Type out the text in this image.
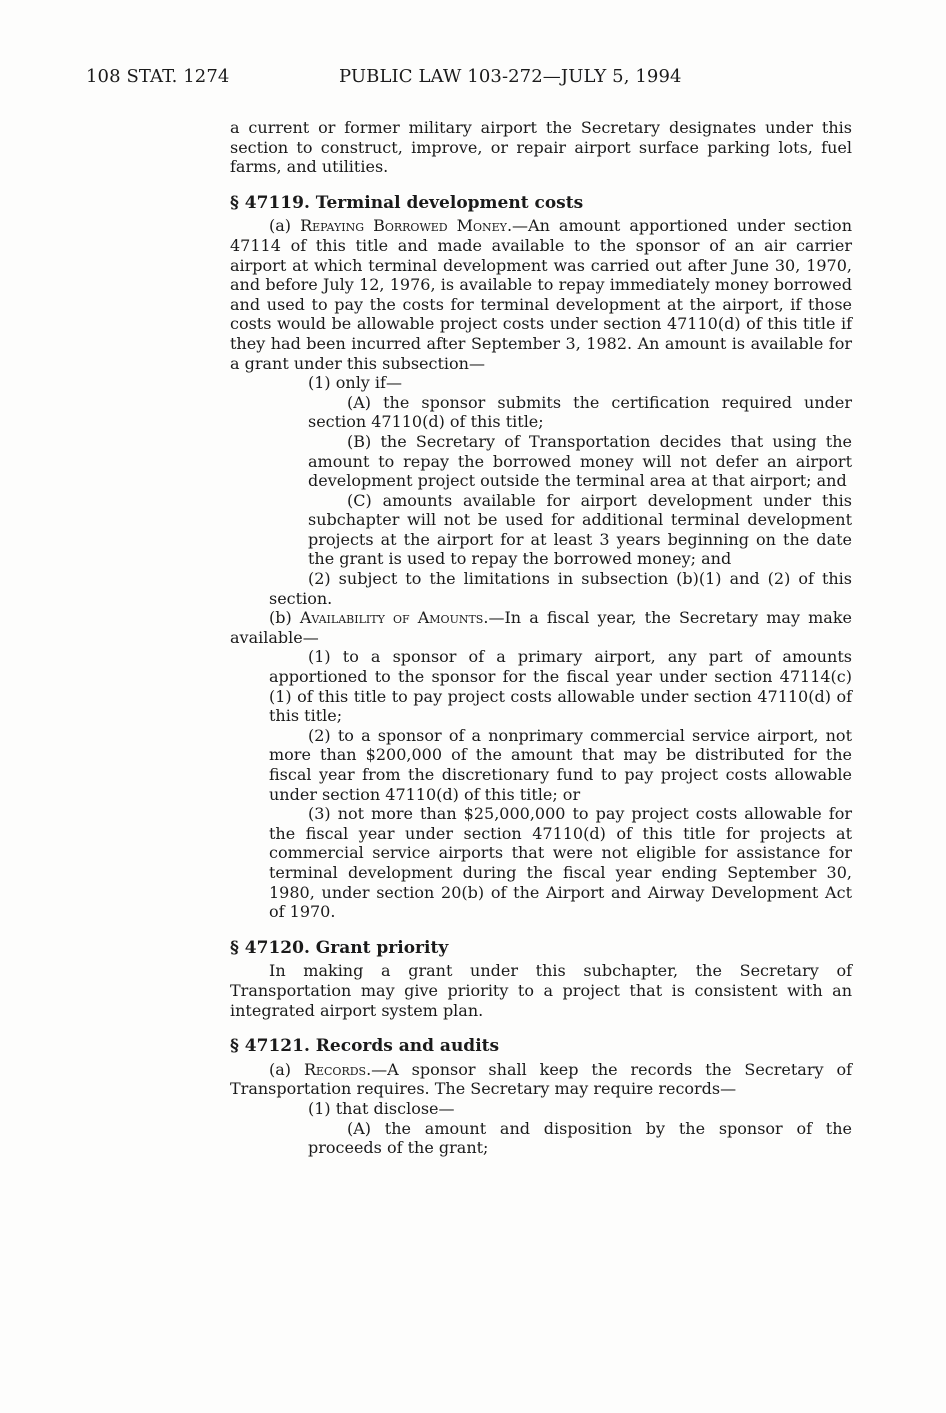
108 STAT. 1274	PUBLIC LAW 103-272—JULY 5, 1994

a current or former military airport the Secretary designates under this section to construct, improve, or repair airport surface parking lots, fuel farms, and utilities.

§ 47119. Terminal development costs

(a) Repaying Borrowed Money.—An amount apportioned under section 47114 of this title and made available to the sponsor of an air carrier airport at which terminal development was carried out after June 30, 1970, and before July 12, 1976, is available to repay immediately money borrowed and used to pay the costs for terminal development at the airport, if those costs would be allowable project costs under section 47110(d) of this title if they had been incurred after September 3, 1982. An amount is available for a grant under this subsection—

(1) only if—

(A) the sponsor submits the certification required under section 47110(d) of this title;

(B) the Secretary of Transportation decides that using the amount to repay the borrowed money will not defer an airport development project outside the terminal area at that airport; and

(C) amounts available for airport development under this subchapter will not be used for additional terminal development projects at the airport for at least 3 years beginning on the date the grant is used to repay the borrowed money; and

(2) subject to the limitations in subsection (b)(1) and (2) of this section.

(b) Availability of Amounts.—In a fiscal year, the Secretary may make available—

(1) to a sponsor of a primary airport, any part of amounts apportioned to the sponsor for the fiscal year under section 47114(c)(1) of this title to pay project costs allowable under section 47110(d) of this title;

(2) to a sponsor of a nonprimary commercial service airport, not more than $200,000 of the amount that may be distributed for the fiscal year from the discretionary fund to pay project costs allowable under section 47110(d) of this title; or

(3) not more than $25,000,000 to pay project costs allowable for the fiscal year under section 47110(d) of this title for projects at commercial service airports that were not eligible for assistance for terminal development during the fiscal year ending September 30, 1980, under section 20(b) of the Airport and Airway Development Act of 1970.

§ 47120. Grant priority

In making a grant under this subchapter, the Secretary of Transportation may give priority to a project that is consistent with an integrated airport system plan.

§ 47121. Records and audits

(a) Records.—A sponsor shall keep the records the Secretary of Transportation requires. The Secretary may require records—

(1) that disclose—

(A) the amount and disposition by the sponsor of the proceeds of the grant;
